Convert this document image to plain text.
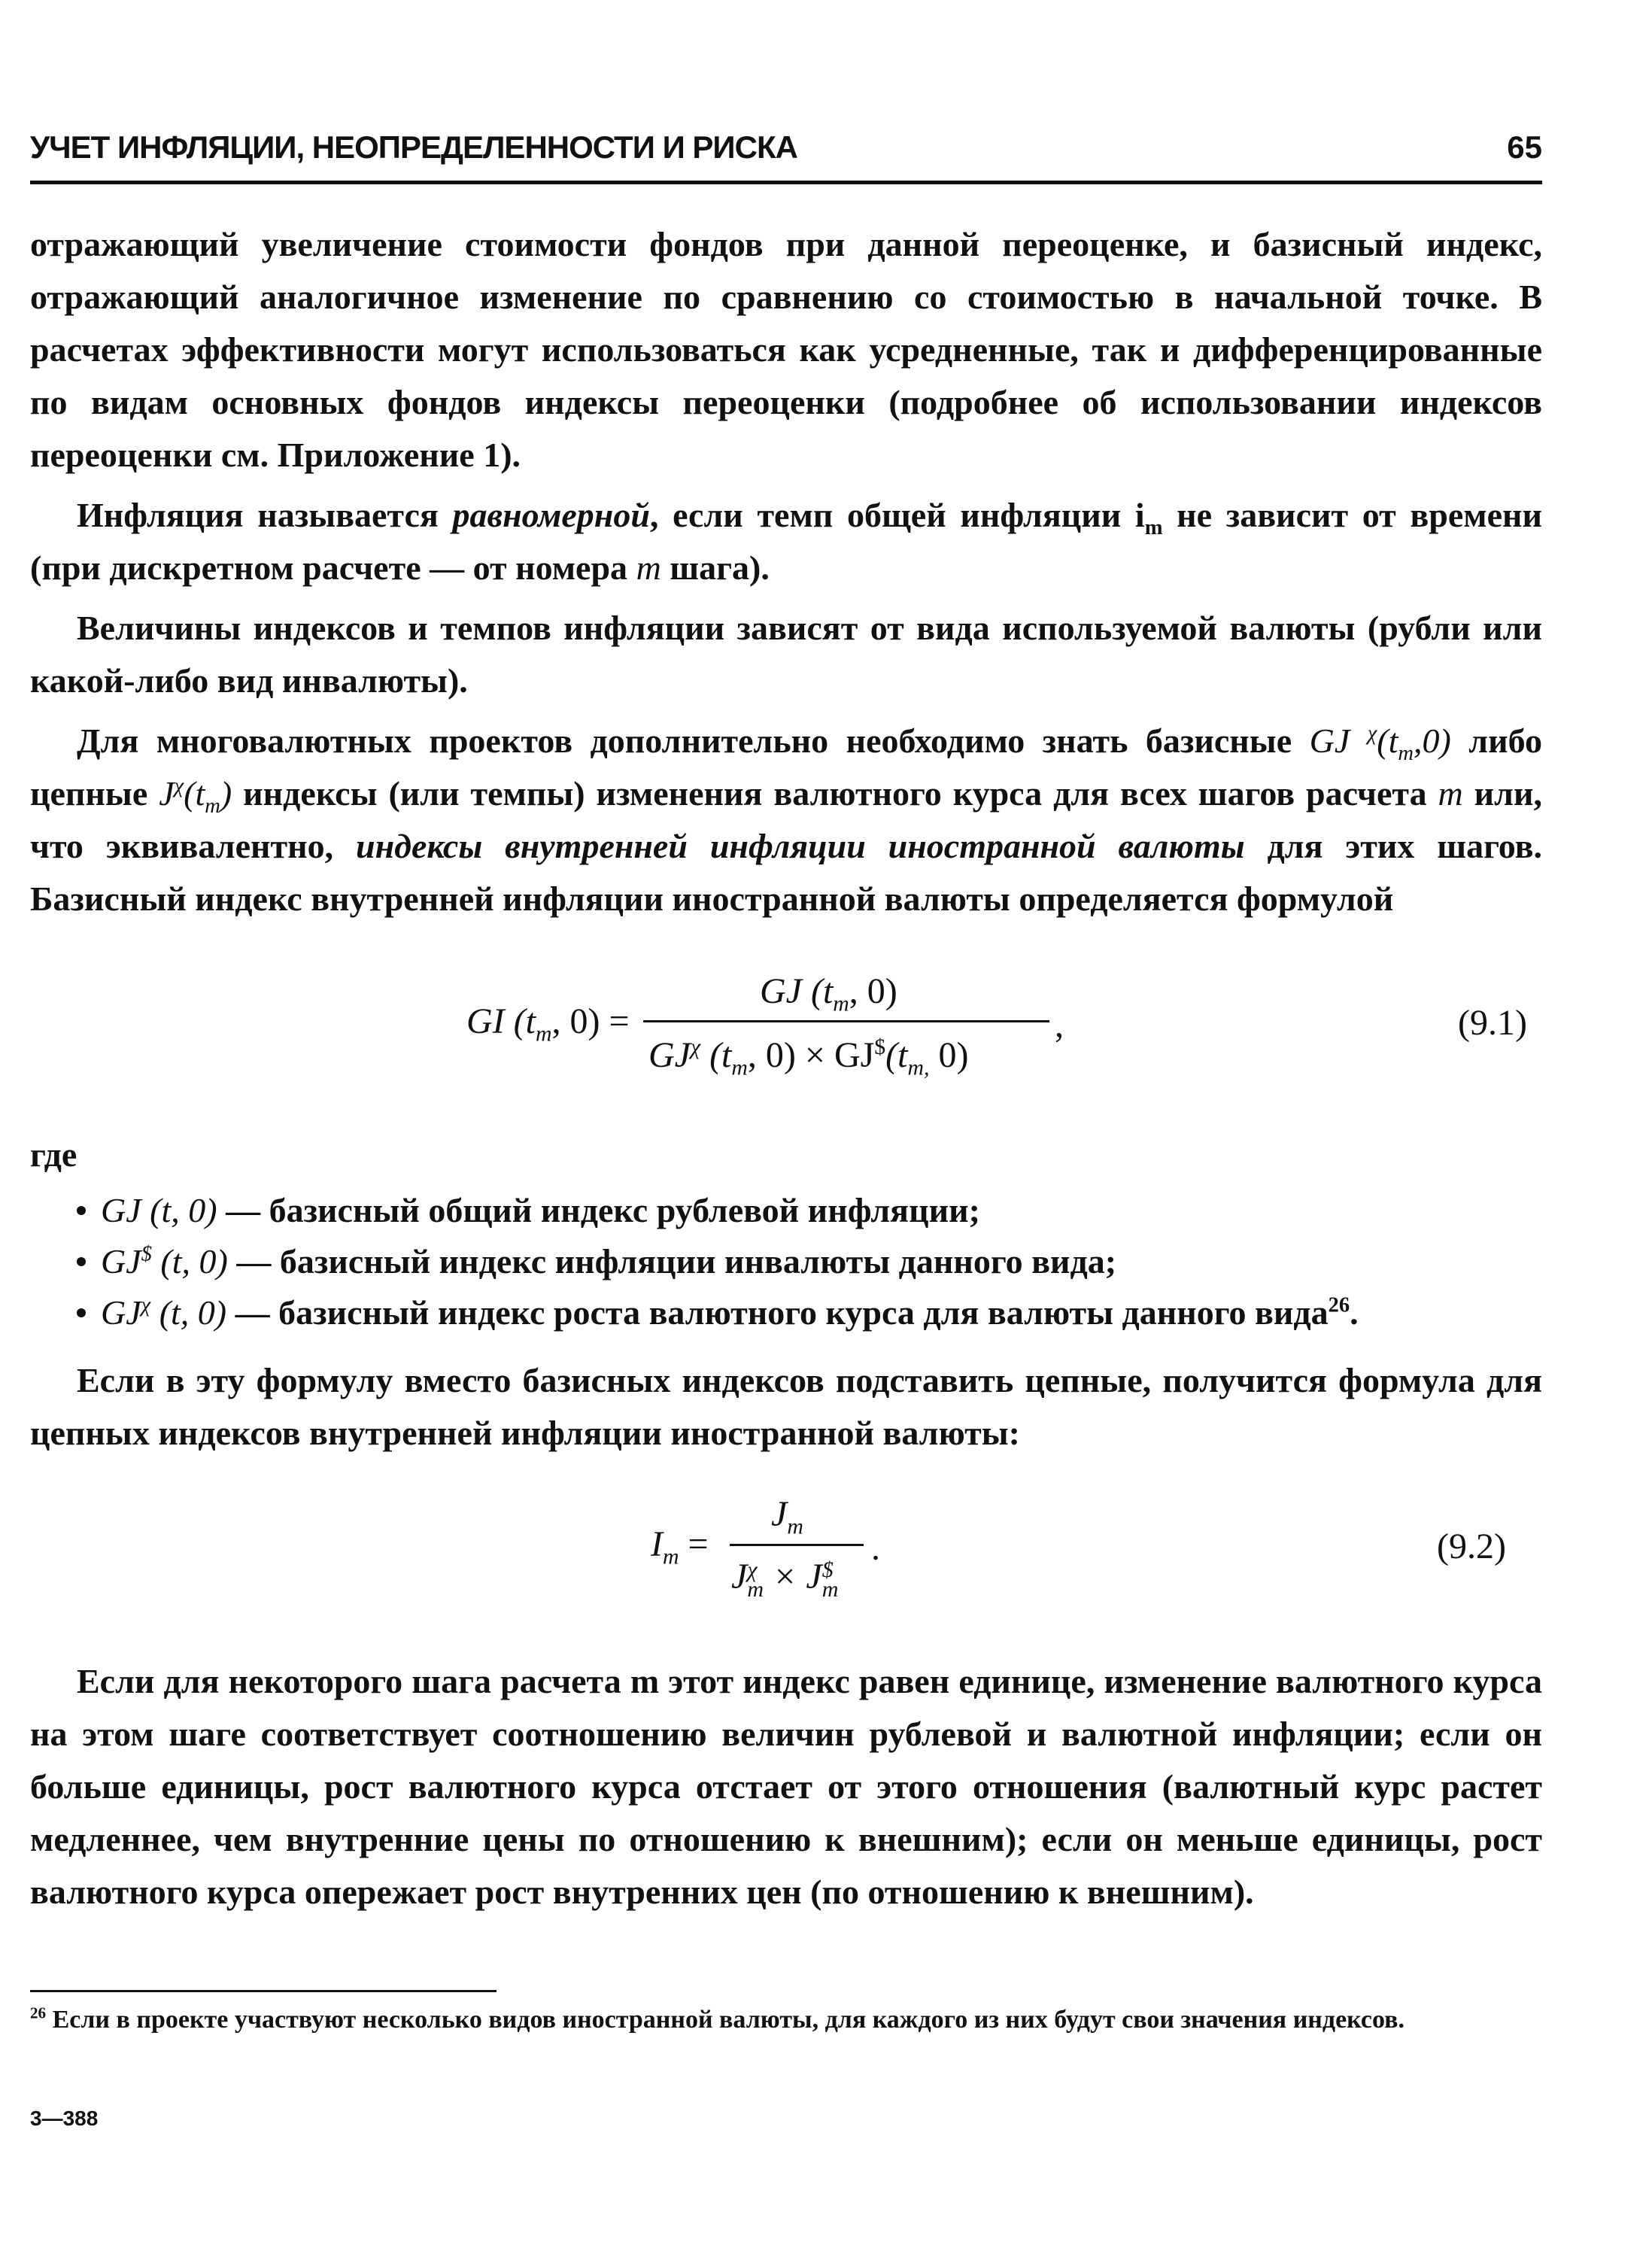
УЧЕТ ИНФЛЯЦИИ, НЕОПРЕДЕЛЕННОСТИ И РИСКА	65

отражающий увеличение стоимости фондов при данной переоценке, и базисный индекс, отражающий аналогичное изменение по сравнению со стоимостью в начальной точке. В расчетах эффективности могут использоваться как усредненные, так и дифференцированные по видам основных фондов индексы переоценки (подробнее об использовании индексов переоценки см. Приложение 1).

Инфляция называется равномерной, если темп общей инфляции $i_m$ не зависит от времени (при дискретном расчете — от номера m шага).

Величины индексов и темпов инфляции зависят от вида используемой валюты (рубли или какой-либо вид инвалюты).

Для многовалютных проектов дополнительно необходимо знать базисные GJ $^\chi(t_m,0)$ либо цепные $J^\chi(t_m)$ индексы (или темпы) изменения валютного курса для всех шагов расчета m или, что эквивалентно, индексы внутренней инфляции иностранной валюты для этих шагов. Базисный индекс внутренней инфляции иностранной валюты определяется формулой

GI ($t_m$, 0) =
GJ ($t_m$, 0)
$GJ^\chi$ ($t_m$, $0) \times GJ^{\$}(t_{m,}$ 0)
,	(9.1)
где
GJ (t, 0) — базисный общий индекс рублевой инфляции;
GJ$ (t, 0) — базисный индекс инфляции инвалюты данного вида;
$GJ^\chi$ (t, 0) — базисный индекс роста валютного курса для валюты данного вида$^{26}$.

Если в эту формулу вместо базисных индексов подставить цепные, получится формула для цепных индексов внутренней инфляции иностранной валюты:

$I_m$ =
$J_m$
J χ
m × J $
m
.	(9.2)

Если для некоторого шага расчета m этот индекс равен единице, изменение валютного курса на этом шаге соответствует соотношению величин рублевой и валютной инфляции; если он больше единицы, рост валютного курса отстает от этого отношения (валютный курс растет медленнее, чем внутренние цены по отношению к внешним); если он меньше единицы, рост валютного курса опережает рост внутренних цен (по отношению к внешним).

$^{26}$ Если в проекте участвуют несколько видов иностранной валюты, для каждого из них будут свои значения индексов.
3—388
